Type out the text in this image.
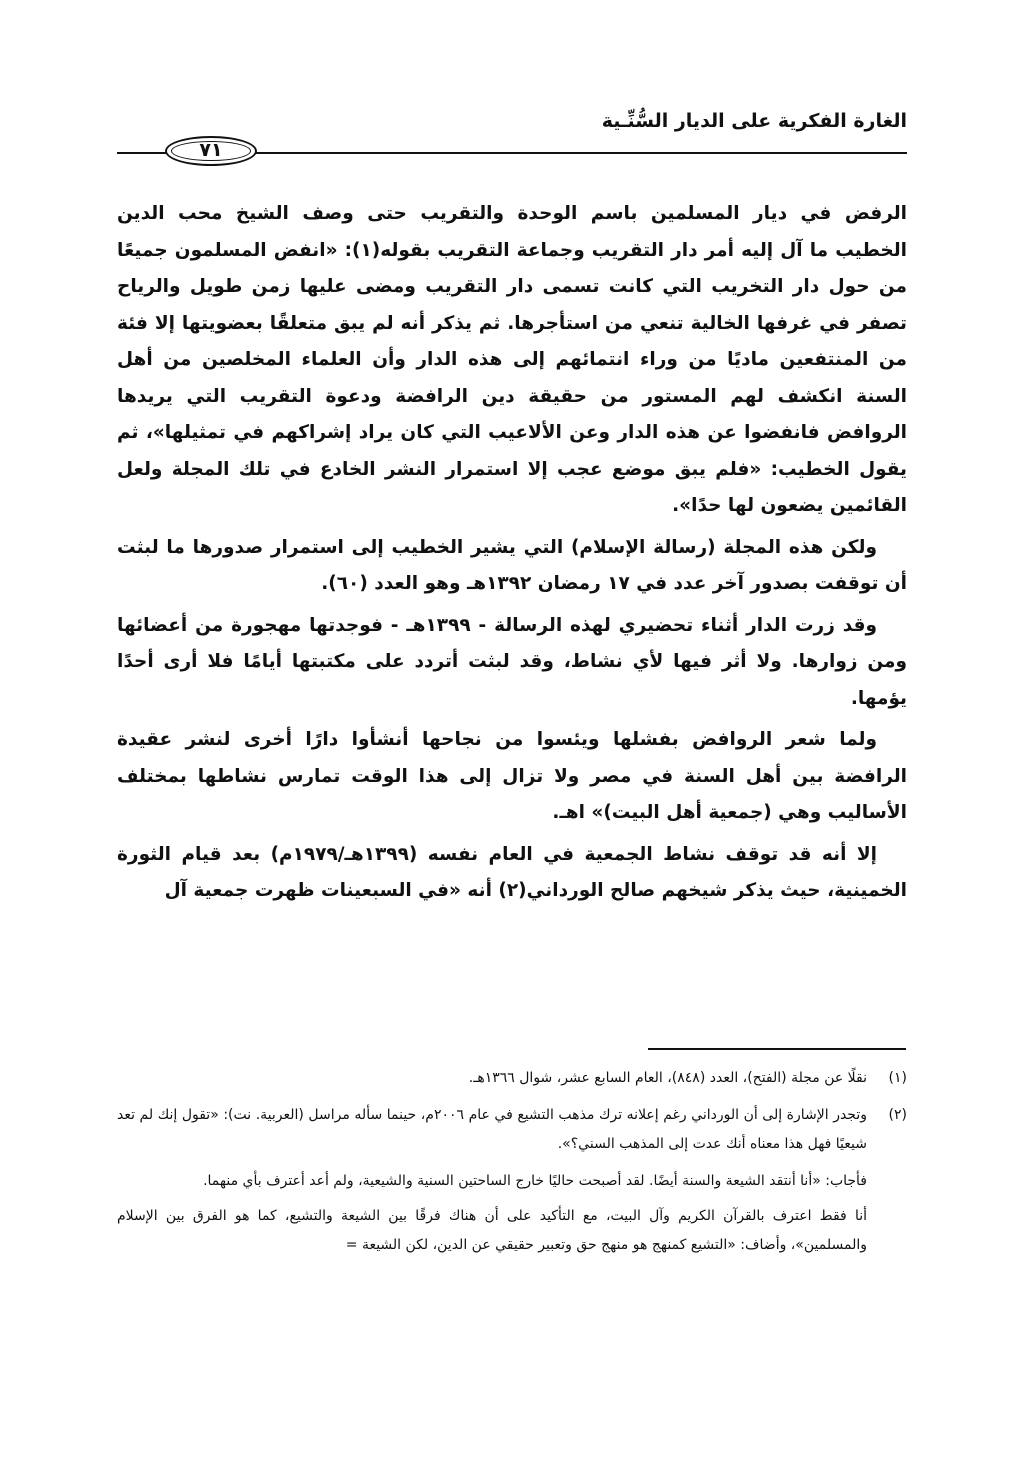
الغارة الفكرية على الديار السُّنِّـية
٧١

الرفض في ديار المسلمين باسم الوحدة والتقريب حتى وصف الشيخ محب الدين الخطيب ما آل إليه أمر دار التقريب وجماعة التقريب بقوله(١): «انفض المسلمون جميعًا من حول دار التخريب التي كانت تسمى دار التقريب ومضى عليها زمن طويل والرياح تصفر في غرفها الخالية تنعي من استأجرها. ثم يذكر أنه لم يبق متعلقًا بعضويتها إلا فئة من المنتفعين ماديًا من وراء انتمائهم إلى هذه الدار وأن العلماء المخلصين من أهل السنة انكشف لهم المستور من حقيقة دين الرافضة ودعوة التقريب التي يريدها الروافض فانفضوا عن هذه الدار وعن الألاعيب التي كان يراد إشراكهم في تمثيلها»، ثم يقول الخطيب: «فلم يبق موضع عجب إلا استمرار النشر الخادع في تلك المجلة ولعل القائمين يضعون لها حدًا».

ولكن هذه المجلة (رسالة الإسلام) التي يشير الخطيب إلى استمرار صدورها ما لبثت أن توقفت بصدور آخر عدد في ١٧ رمضان ١٣٩٢هـ وهو العدد (٦٠).

وقد زرت الدار أثناء تحضيري لهذه الرسالة - ١٣٩٩هـ - فوجدتها مهجورة من أعضائها ومن زوارها. ولا أثر فيها لأي نشاط، وقد لبثت أتردد على مكتبتها أيامًا فلا أرى أحدًا يؤمها.

ولما شعر الروافض بفشلها ويئسوا من نجاحها أنشأوا دارًا أخرى لنشر عقيدة الرافضة بين أهل السنة في مصر ولا تزال إلى هذا الوقت تمارس نشاطها بمختلف الأساليب وهي (جمعية أهل البيت)» اهـ.

إلا أنه قد توقف نشاط الجمعية في العام نفسه (١٣٩٩هـ/١٩٧٩م) بعد قيام الثورة الخمينية، حيث يذكر شيخهم صالح الورداني(٢) أنه «في السبعينات ظهرت جمعية آل

(١)
نقلًا عن مجلة (الفتح)، العدد (٨٤٨)، العام السابع عشر، شوال ١٣٦٦هـ.
(٢)
وتجدر الإشارة إلى أن الورداني رغم إعلانه ترك مذهب التشيع في عام ٢٠٠٦م، حينما سأله مراسل (العربية. نت): «تقول إنك لم تعد شيعيًا فهل هذا معناه أنك عدت إلى المذهب السني؟».

فأجاب: «أنا أنتقد الشيعة والسنة أيضًا. لقد أصبحت حاليًا خارج الساحتين السنية والشيعية، ولم أعد أعترف بأي منهما.

أنا فقط اعترف بالقرآن الكريم وآل البيت، مع التأكيد على أن هناك فرقًا بين الشيعة والتشيع، كما هو الفرق بين الإسلام والمسلمين»، وأضاف: «التشيع كمنهج هو منهج حق وتعبير حقيقي عن الدين، لكن الشيعة =
